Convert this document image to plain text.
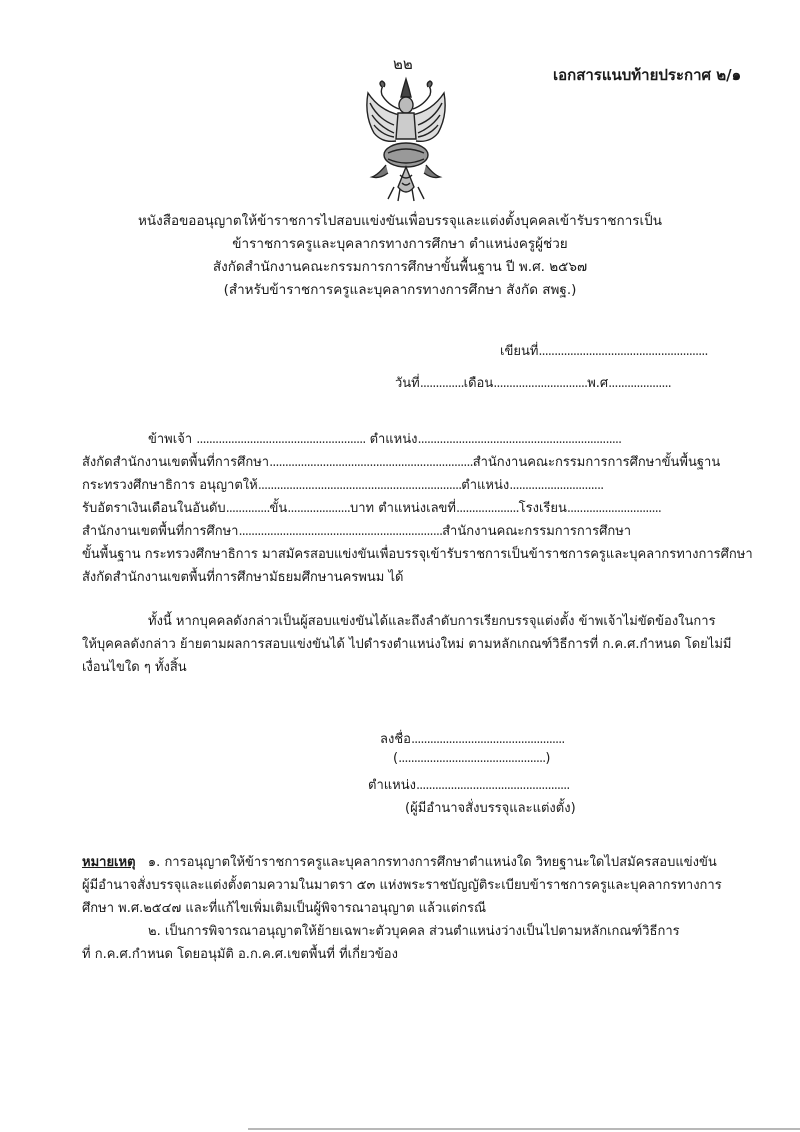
๒๒
เอกสารแนบท้ายประกาศ ๒/๑
หนังสือขออนุญาตให้ข้าราชการไปสอบแข่งขันเพื่อบรรจุและแต่งตั้งบุคคลเข้ารับราชการเป็น
ข้าราชการครูและบุคลากรทางการศึกษา ตำแหน่งครูผู้ช่วย
สังกัดสำนักงานคณะกรรมการการศึกษาขั้นพื้นฐาน ปี พ.ศ. ๒๕๖๗
(สำหรับข้าราชการครูและบุคลากรทางการศึกษา สังกัด สพฐ.)
เขียนที่......................................................
วันที่..............เดือน..............................พ.ศ....................
ข้าพเจ้า ...................................................... ตำแหน่ง.................................................................
สังกัดสำนักงานเขตพื้นที่การศึกษา.................................................................สำนักงานคณะกรรมการการศึกษาขั้นพื้นฐาน
กระทรวงศึกษาธิการ อนุญาตให้.................................................................ตำแหน่ง..............................
รับอัตราเงินเดือนในอันดับ..............ขั้น....................บาท ตำแหน่งเลขที่....................โรงเรียน..............................
สำนักงานเขตพื้นที่การศึกษา.................................................................สำนักงานคณะกรรมการการศึกษา
ขั้นพื้นฐาน กระทรวงศึกษาธิการ มาสมัครสอบแข่งขันเพื่อบรรจุเข้ารับราชการเป็นข้าราชการครูและบุคลากรทางการศึกษา
สังกัดสำนักงานเขตพื้นที่การศึกษามัธยมศึกษานครพนม ได้
ทั้งนี้ หากบุคคลดังกล่าวเป็นผู้สอบแข่งขันได้และถึงลำดับการเรียกบรรจุแต่งตั้ง ข้าพเจ้าไม่ขัดข้องในการ
ให้บุคคลดังกล่าว ย้ายตามผลการสอบแข่งขันได้ ไปดำรงตำแหน่งใหม่ ตามหลักเกณฑ์วิธีการที่ ก.ค.ศ.กำหนด โดยไม่มี
เงื่อนไขใด ๆ ทั้งสิ้น
ลงชื่อ.................................................
(...............................................)
ตำแหน่ง.................................................
(ผู้มีอำนาจสั่งบรรจุและแต่งตั้ง)
หมายเหตุ ๑. การอนุญาตให้ข้าราชการครูและบุคลากรทางการศึกษาตำแหน่งใด วิทยฐานะใดไปสมัครสอบแข่งขัน
ผู้มีอำนาจสั่งบรรจุและแต่งตั้งตามความในมาตรา ๕๓ แห่งพระราชบัญญัติระเบียบข้าราชการครูและบุคลากรทางการ
ศึกษา พ.ศ.๒๕๔๗ และที่แก้ไขเพิ่มเติมเป็นผู้พิจารณาอนุญาต แล้วแต่กรณี
๒. เป็นการพิจารณาอนุญาตให้ย้ายเฉพาะตัวบุคคล ส่วนตำแหน่งว่างเป็นไปตามหลักเกณฑ์วิธีการ
ที่ ก.ค.ศ.กำหนด โดยอนุมัติ อ.ก.ค.ศ.เขตพื้นที่ ที่เกี่ยวข้อง
